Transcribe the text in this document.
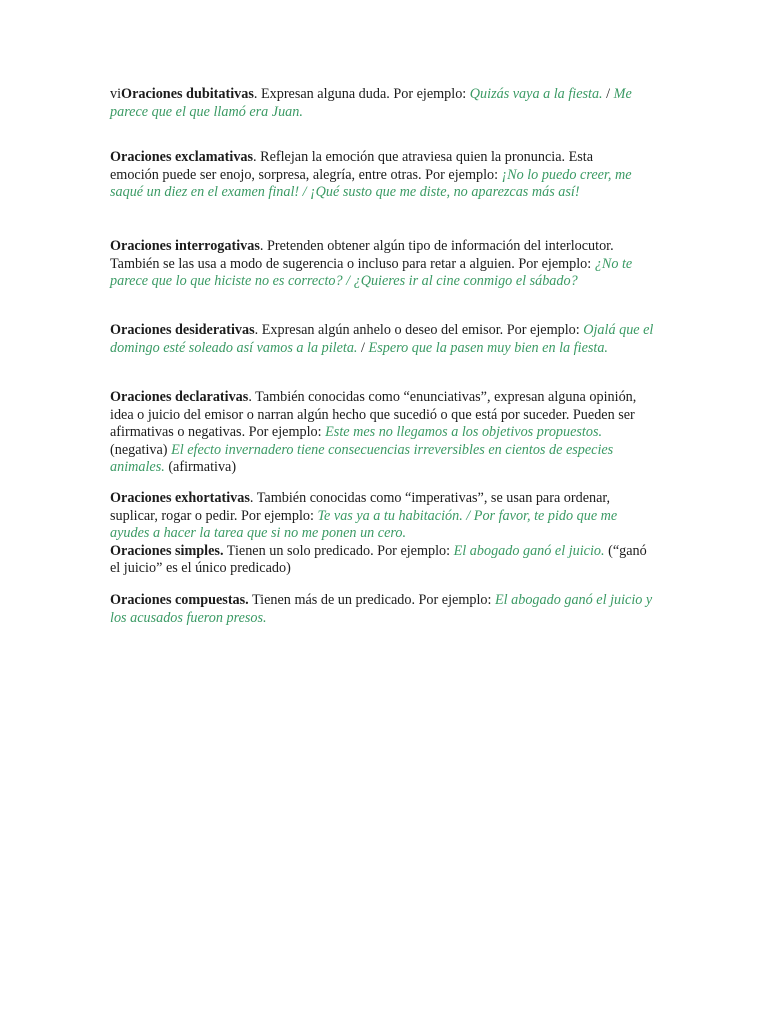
viOraciones dubitativas. Expresan alguna duda. Por ejemplo: Quizás vaya a la fiesta. / Me parece que el que llamó era Juan.

Oraciones exclamativas. Reflejan la emoción que atraviesa quien la pronuncia. Esta emoción puede ser enojo, sorpresa, alegría, entre otras. Por ejemplo: ¡No lo puedo creer, me saqué un diez en el examen final! / ¡Qué susto que me diste, no aparezcas más así!

Oraciones interrogativas. Pretenden obtener algún tipo de información del interlocutor. También se las usa a modo de sugerencia o incluso para retar a alguien. Por ejemplo: ¿No te parece que lo que hiciste no es correcto? / ¿Quieres ir al cine conmigo el sábado?

Oraciones desiderativas. Expresan algún anhelo o deseo del emisor. Por ejemplo: Ojalá que el domingo esté soleado así vamos a la pileta. / Espero que la pasen muy bien en la fiesta.

Oraciones declarativas. También conocidas como “enunciativas”, expresan alguna opinión, idea o juicio del emisor o narran algún hecho que sucedió o que está por suceder. Pueden ser afirmativas o negativas. Por ejemplo: Este mes no llegamos a los objetivos propuestos. (negativa) El efecto invernadero tiene consecuencias irreversibles en cientos de especies animales. (afirmativa)

Oraciones exhortativas. También conocidas como “imperativas”, se usan para ordenar, suplicar, rogar o pedir. Por ejemplo: Te vas ya a tu habitación. / Por favor, te pido que me ayudes a hacer la tarea que si no me ponen un cero.
Oraciones simples. Tienen un solo predicado. Por ejemplo: El abogado ganó el juicio. (“ganó el juicio” es el único predicado)

Oraciones compuestas. Tienen más de un predicado. Por ejemplo: El abogado ganó el juicio y los acusados fueron presos.
